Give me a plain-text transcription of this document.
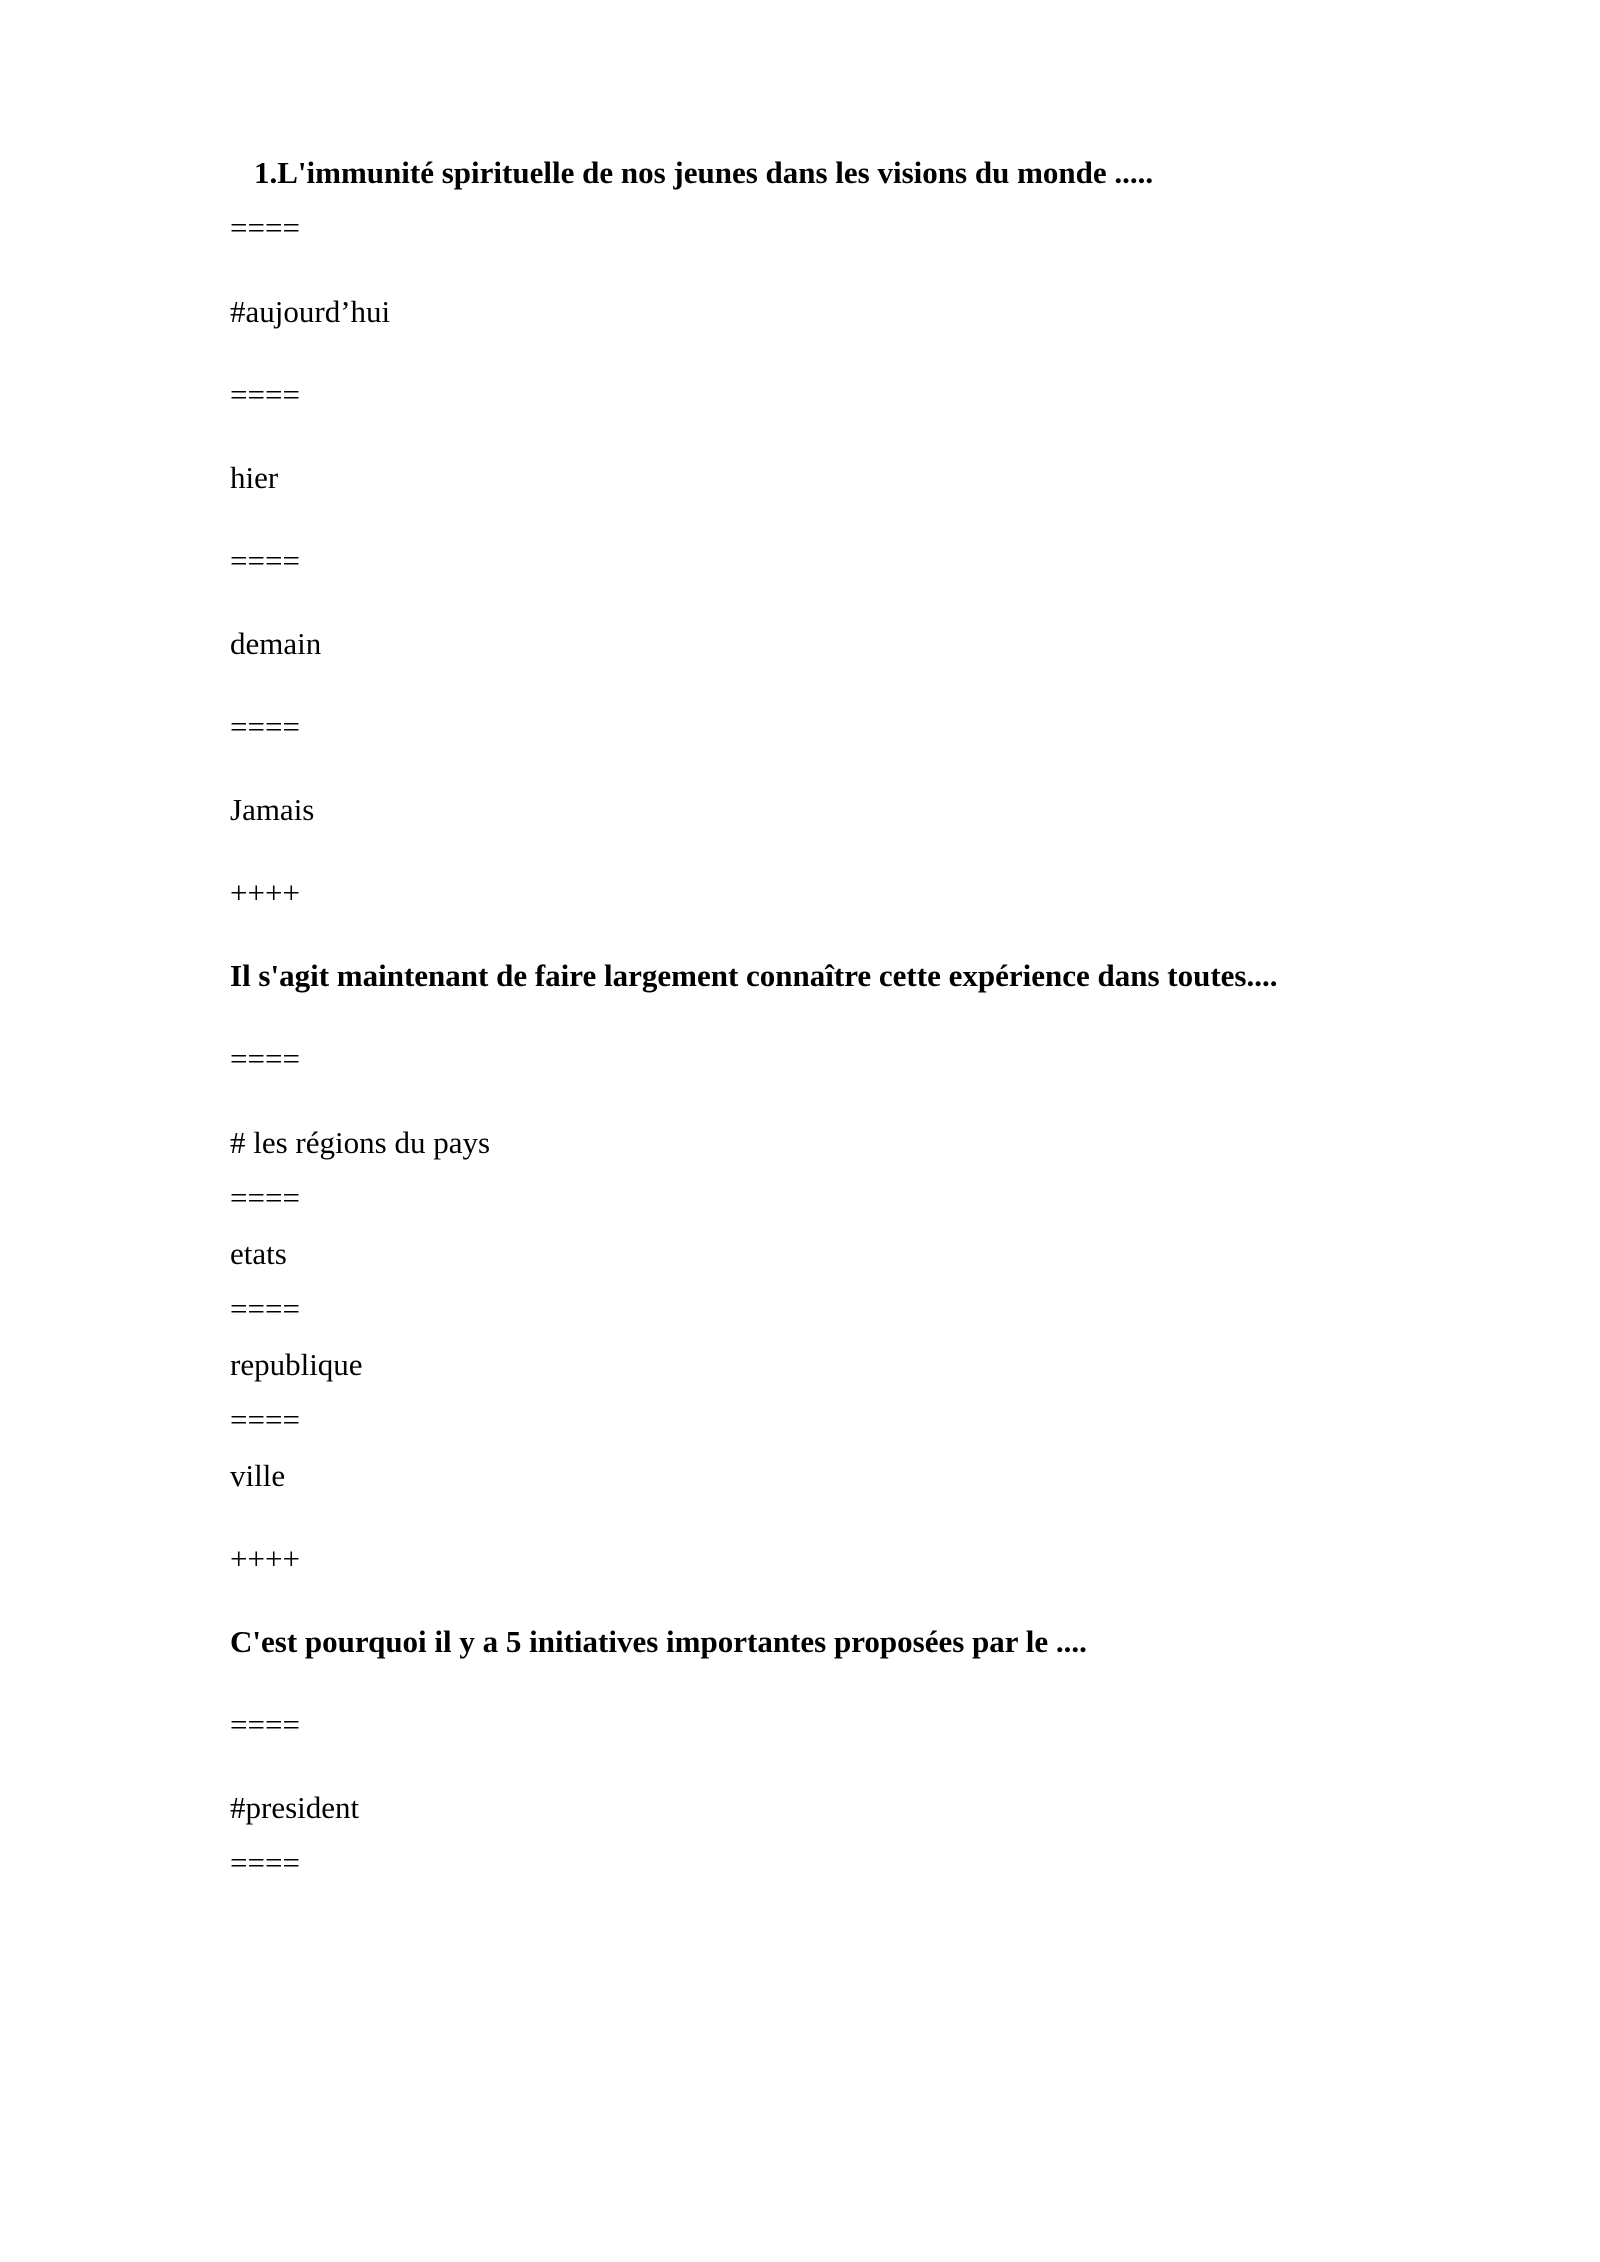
1.L'immunité spirituelle de nos jeunes dans les visions du monde .....
====
#aujourd’hui
====
hier
====
demain
====
Jamais
++++
Il s'agit maintenant de faire largement connaître cette expérience dans toutes....
====
# les régions du pays
====
etats
====
republique
====
ville
++++
C'est pourquoi il y a 5 initiatives importantes proposées par le ....
====
#president
====
